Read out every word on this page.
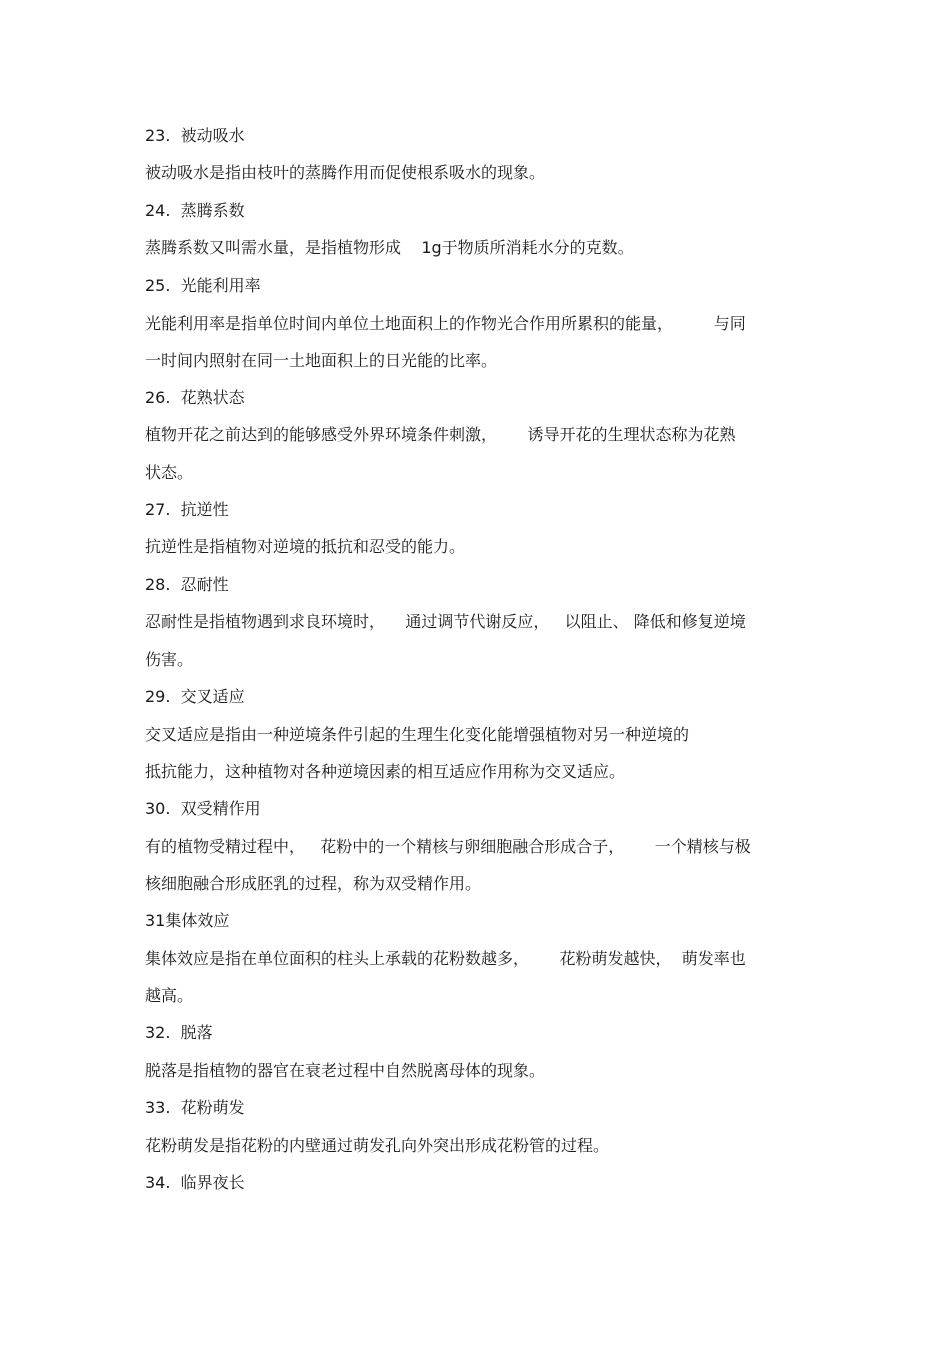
23.  被动吸水
被动吸水是指由枝叶的蒸腾作用而促使根系吸水的现象。
24.  蒸腾系数
蒸腾系数又叫需水量，是指植物形成    1g于物质所消耗水分的克数。
25.  光能利用率
光能利用率是指单位时间内单位土地面积上的作物光合作用所累积的能量，        与同
一时间内照射在同一土地面积上的日光能的比率。
26.  花熟状态
植物开花之前达到的能够感受外界环境条件刺激，      诱导开花的生理状态称为花熟
状态。
27.  抗逆性
抗逆性是指植物对逆境的抵抗和忍受的能力。
28.  忍耐性
忍耐性是指植物遇到求良环境时，    通过调节代谢反应，   以阻止、 降低和修复逆境
伤害。
29.  交叉适应
交叉适应是指由一种逆境条件引起的生理生化变化能增强植物对另一种逆境的
抵抗能力，这种植物对各种逆境因素的相互适应作用称为交叉适应。
30.  双受精作用
有的植物受精过程中，   花粉中的一个精核与卵细胞融合形成合子，      一个精核与极
核细胞融合形成胚乳的过程，称为双受精作用。
31集体效应
集体效应是指在单位面积的柱头上承载的花粉数越多，      花粉萌发越快，  萌发率也
越高。
32.  脱落
脱落是指植物的器官在衰老过程中自然脱离母体的现象。
33.  花粉萌发
花粉萌发是指花粉的内壁通过萌发孔向外突出形成花粉管的过程。
34.  临界夜长
